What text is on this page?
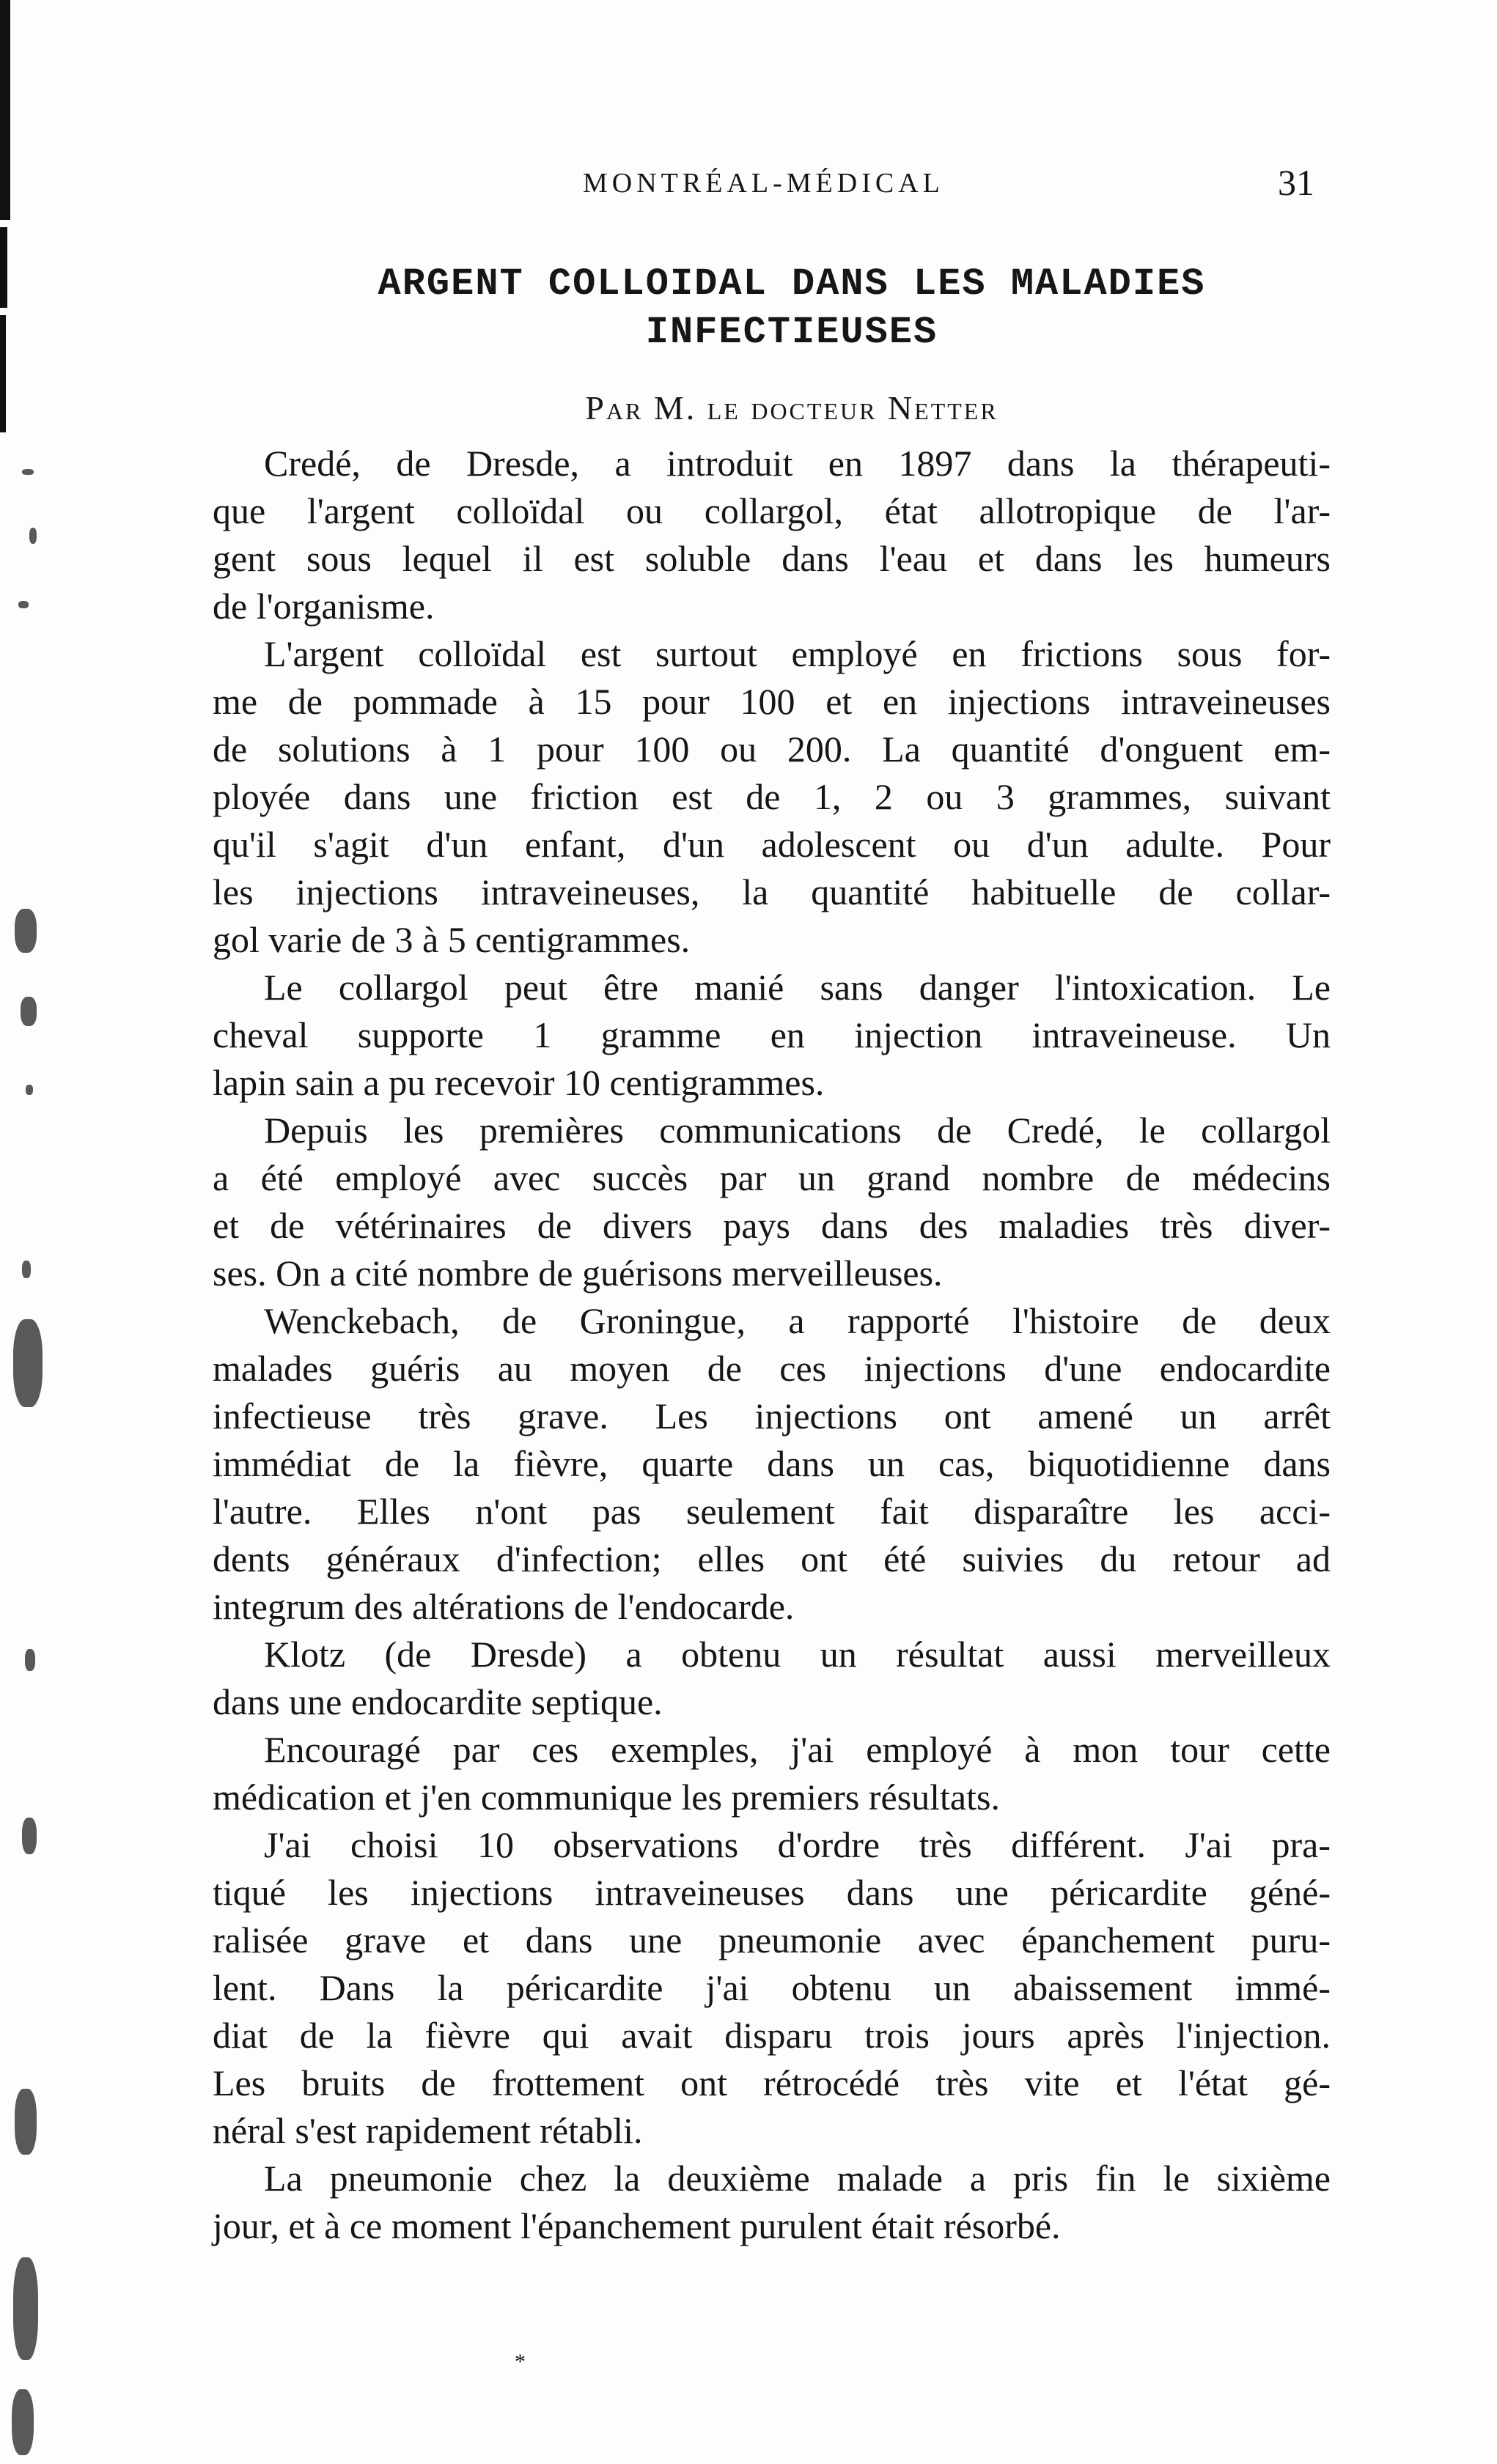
MONTRÉAL-MÉDICAL	31
ARGENT COLLOIDAL DANS LES MALADIES
INFECTIEUSES
Par M. le docteur Netter
Credé, de Dresde, a introduit en 1897 dans la thérapeuti-
que l'argent colloïdal ou collargol, état allotropique de l'ar-
gent sous lequel il est soluble dans l'eau et dans les humeurs
de l'organisme.
L'argent colloïdal est surtout employé en frictions sous for-
me de pommade à 15 pour 100 et en injections intraveineuses
de solutions à 1 pour 100 ou 200. La quantité d'onguent em-
ployée dans une friction est de 1, 2 ou 3 grammes, suivant
qu'il s'agit d'un enfant, d'un adolescent ou d'un adulte. Pour
les injections intraveineuses, la quantité habituelle de collar-
gol varie de 3 à 5 centigrammes.
Le collargol peut être manié sans danger l'intoxication. Le
cheval supporte 1 gramme en injection intraveineuse. Un
lapin sain a pu recevoir 10 centigrammes.
Depuis les premières communications de Credé, le collargol
a été employé avec succès par un grand nombre de médecins
et de vétérinaires de divers pays dans des maladies très diver-
ses. On a cité nombre de guérisons merveilleuses.
Wenckebach, de Groningue, a rapporté l'histoire de deux
malades guéris au moyen de ces injections d'une endocardite
infectieuse très grave. Les injections ont amené un arrêt
immédiat de la fièvre, quarte dans un cas, biquotidienne dans
l'autre. Elles n'ont pas seulement fait disparaître les acci-
dents généraux d'infection; elles ont été suivies du retour ad
integrum des altérations de l'endocarde.
Klotz (de Dresde) a obtenu un résultat aussi merveilleux
dans une endocardite septique.
Encouragé par ces exemples, j'ai employé à mon tour cette
médication et j'en communique les premiers résultats.
J'ai choisi 10 observations d'ordre très différent. J'ai pra-
tiqué les injections intraveineuses dans une péricardite géné-
ralisée grave et dans une pneumonie avec épanchement puru-
lent. Dans la péricardite j'ai obtenu un abaissement immé-
diat de la fièvre qui avait disparu trois jours après l'injection.
Les bruits de frottement ont rétrocédé très vite et l'état gé-
néral s'est rapidement rétabli.
La pneumonie chez la deuxième malade a pris fin le sixième
jour, et à ce moment l'épanchement purulent était résorbé.
*
